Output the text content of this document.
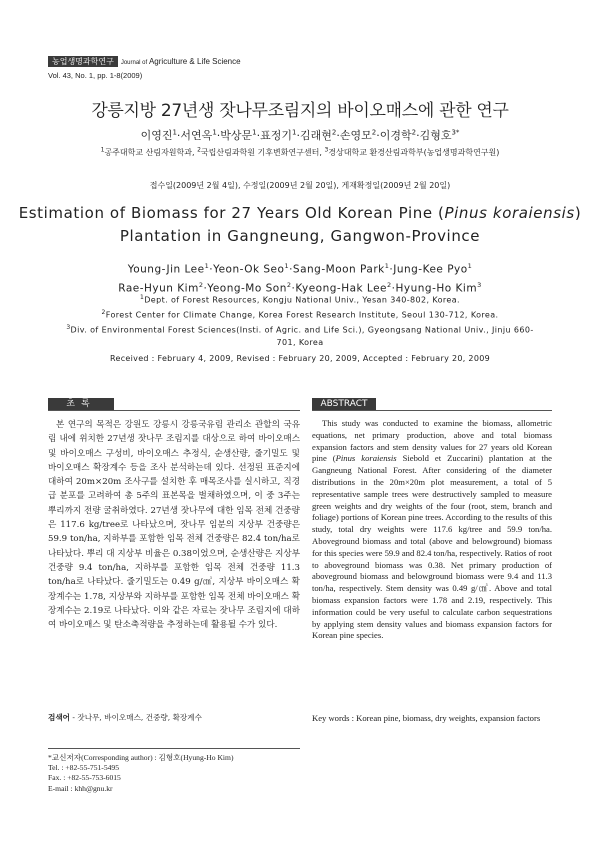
농업생명과학연구	Journal of Agriculture & Life Science
Vol. 43, No. 1, pp. 1-8(2009)
강릉지방 27년생 잣나무조림지의 바이오매스에 관한 연구
이영진$^1$·서연옥$^1$·박상문$^1$·표정기$^1$·김래현$^2$·손영모$^2$·이경학$^2$·김형호$^{3*}$
$^1$공주대학교 산림자원학과, $^2$국립산림과학원 기후변화연구센터, $^3$경상대학교 환경산림과학부(농업생명과학연구원)
접수일(2009년 2월 4일), 수정일(2009년 2월 20일), 게재확정일(2009년 2월 20일)
Estimation of Biomass for 27 Years Old Korean Pine (Pinus koraiensis)
Plantation in Gangneung, Gangwon-Province
Young-Jin Lee$^1$·Yeon-Ok Seo$^1$·Sang-Moon Park$^1$·Jung-Kee Pyo$^1$
Rae-Hyun Kim$^2$·Yeong-Mo Son$^2$·Kyeong-Hak Lee$^2$·Hyung-Ho Kim$^3$
$^1$Dept. of Forest Resources, Kongju National Univ., Yesan 340-802, Korea.
$^2$Forest Center for Climate Change, Korea Forest Research Institute, Seoul 130-712, Korea.
$^3$Div. of Environmental Forest Sciences(Insti. of Agric. and Life Sci.), Gyeongsang National Univ., Jinju 660-701, Korea
Received : February 4, 2009, Revised : February 20, 2009, Accepted : February 20, 2009
초록	ABSTRACT
본 연구의 목적은 강원도 강릉시 강릉국유림 관리소 관할의 국유림 내에 위치한 27년생 잣나무 조림지를 대상으로 하여 바이오매스 및 바이오매스 구성비, 바이오매스 추정식, 순생산량, 줄기밀도 및 바이오매스 확장계수 등을 조사 분석하는데 있다. 선정된 표준지에 대하여 20m×20m 조사구를 설치한 후 매목조사를 실시하고, 직경급 분포를 고려하여 총 5주의 표본목을 벌채하였으며, 이 중 3주는 뿌리까지 전량 굴취하였다. 27년생 잣나무에 대한 임목 전체 건중량은 117.6 kg/tree로 나타났으며, 잣나무 임분의 지상부 건중량은 59.9 ton/ha, 지하부를 포함한 임목 전체 건중량은 82.4 ton/ha로 나타났다. 뿌리 대 지상부 비율은 0.38이었으며, 순생산량은 지상부 건중량 9.4 ton/ha, 지하부를 포함한 임목 전체 건중량 11.3 ton/ha로 나타났다. 줄기밀도는 0.49 g/㎤, 지상부 바이오매스 확장계수는 1.78, 지상부와 지하부를 포함한 임목 전체 바이오매스 확장계수는 2.19로 나타났다. 이와 같은 자료는 잣나무 조림지에 대하여 바이오매스 및 탄소축적량을 추정하는데 활용될 수가 있다.
This study was conducted to examine the biomass, allometric equations, net primary production, above and total biomass expansion factors and stem density values for 27 years old Korean pine (Pinus koraiensis Siebold et Zuccarini) plantation at the Gangneung National Forest. After considering of the diameter distributions in the 20m×20m plot measurement, a total of 5 representative sample trees were destructively sampled to measure green weights and dry weights of the four (root, stem, branch and foliage) portions of Korean pine trees. According to the results of this study, total dry weights were 117.6 kg/tree and 59.9 ton/ha. Aboveground biomass and total (above and belowground) biomass for this species were 59.9 and 82.4 ton/ha, respectively. Ratios of root to aboveground biomass was 0.38. Net primary production of aboveground biomass and belowground biomass were 9.4 and 11.3 ton/ha, respectively. Stem density was 0.49 g/㎤. Above and total biomass expansion factors were 1.78 and 2.19, respectively. This information could be very useful to calculate carbon sequestrations by applying stem density values and biomass expansion factors for Korean pine species.
검색어 - 잣나무, 바이오매스, 건중량, 확장계수	Key words : Korean pine, biomass, dry weights, expansion factors
*교신저자(Corresponding author) : 김형호(Hyung-Ho Kim)
Tel. : +82-55-751-5495
Fax. : +82-55-753-6015
E-mail : khh@gnu.kr
